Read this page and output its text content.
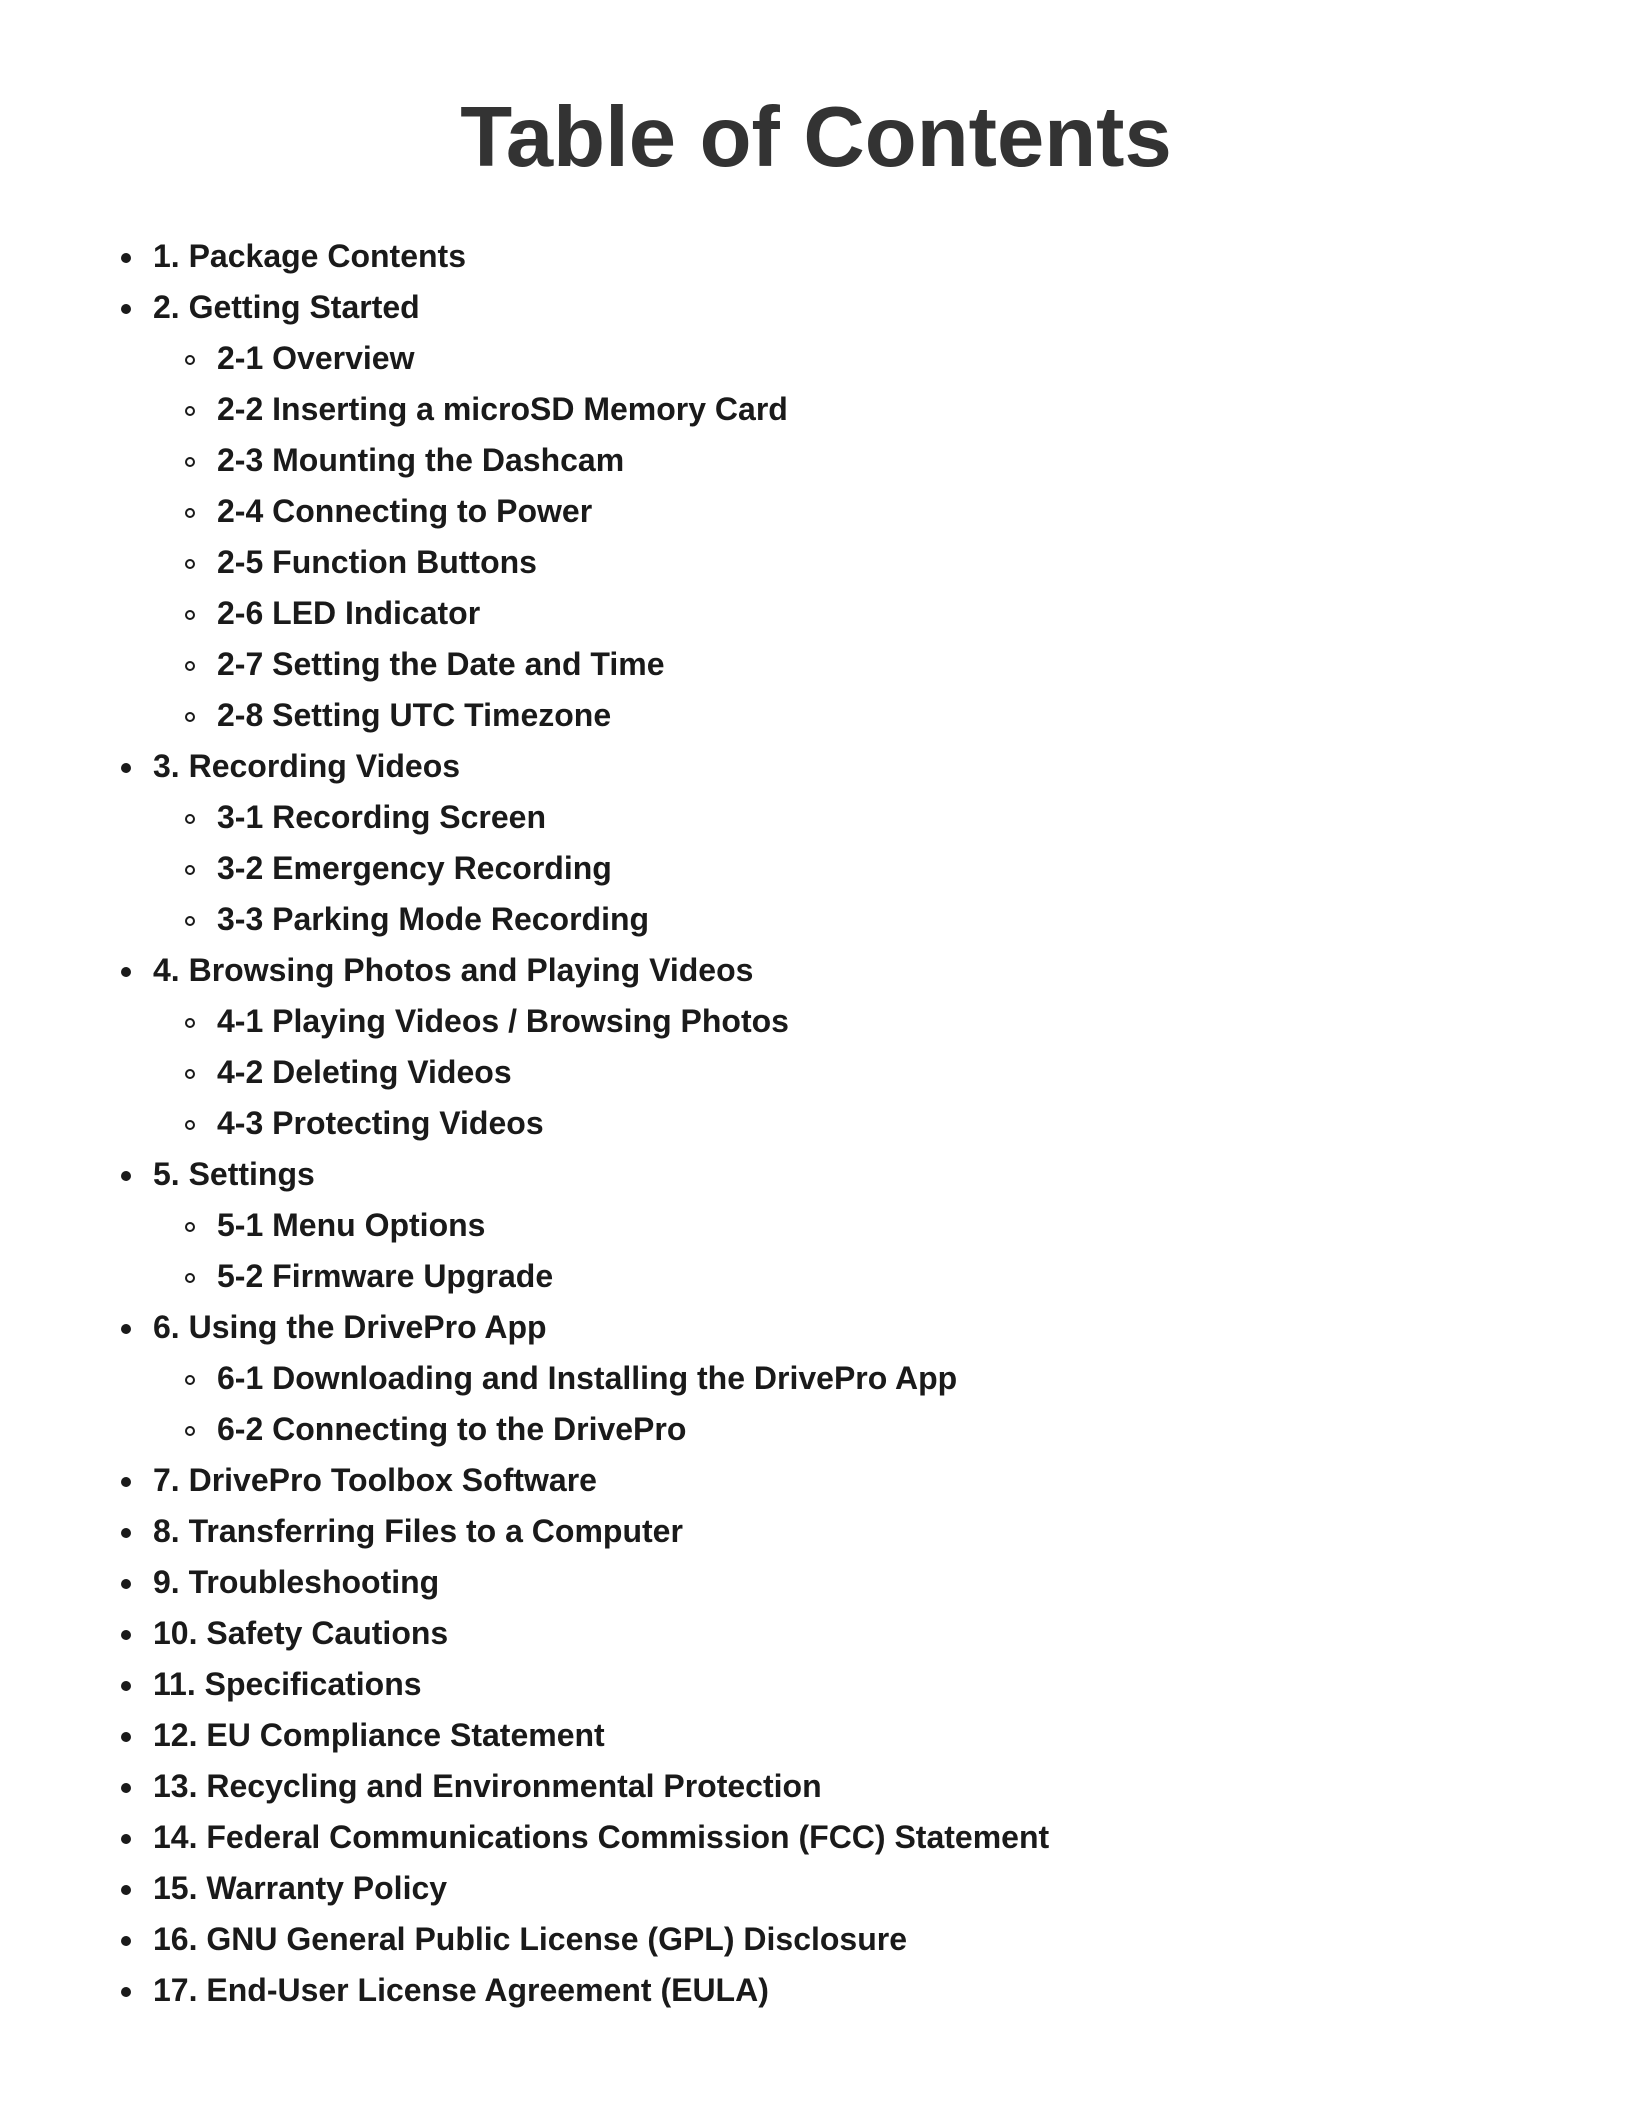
Table of Contents
1. Package Contents
2. Getting Started
2-1 Overview
2-2 Inserting a microSD Memory Card
2-3 Mounting the Dashcam
2-4 Connecting to Power
2-5 Function Buttons
2-6 LED Indicator
2-7 Setting the Date and Time
2-8 Setting UTC Timezone
3. Recording Videos
3-1 Recording Screen
3-2 Emergency Recording
3-3 Parking Mode Recording
4. Browsing Photos and Playing Videos
4-1 Playing Videos / Browsing Photos
4-2 Deleting Videos
4-3 Protecting Videos
5. Settings
5-1 Menu Options
5-2 Firmware Upgrade
6. Using the DrivePro App
6-1 Downloading and Installing the DrivePro App
6-2 Connecting to the DrivePro
7. DrivePro Toolbox Software
8. Transferring Files to a Computer
9. Troubleshooting
10. Safety Cautions
11. Specifications
12. EU Compliance Statement
13. Recycling and Environmental Protection
14. Federal Communications Commission (FCC) Statement
15. Warranty Policy
16. GNU General Public License (GPL) Disclosure
17. End-User License Agreement (EULA)
